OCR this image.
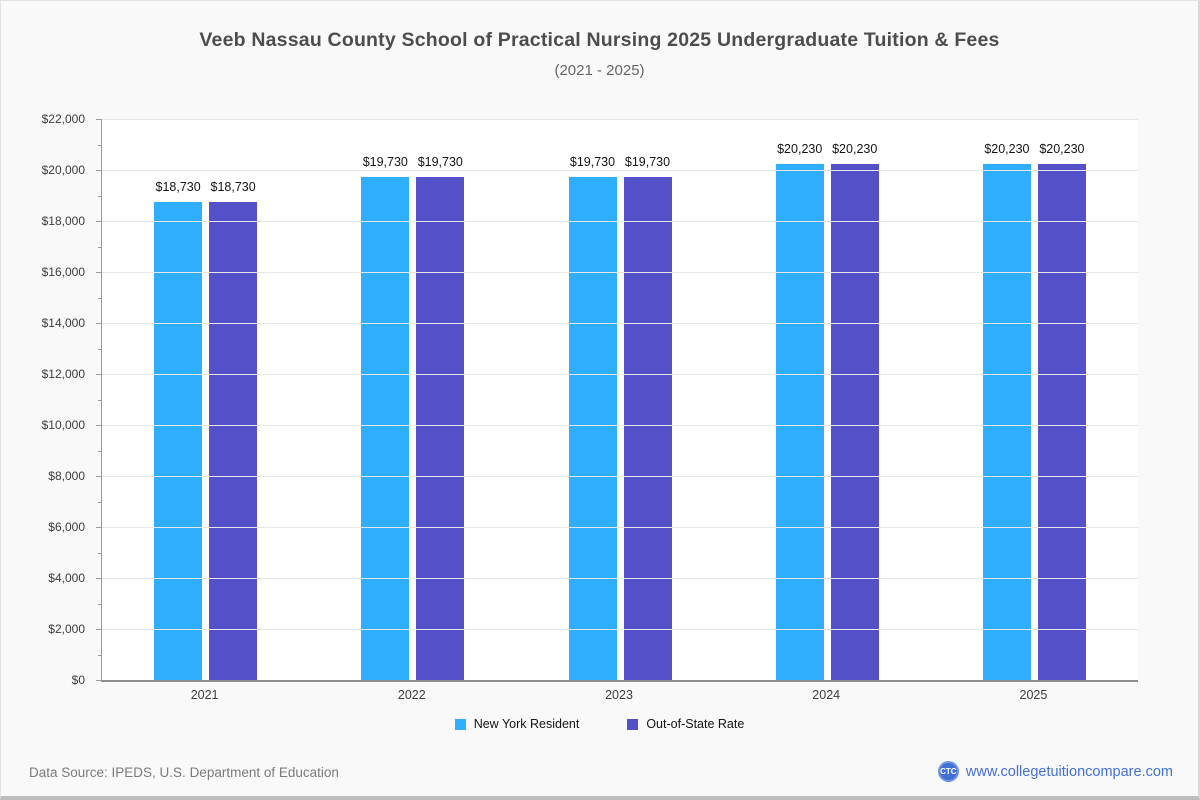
Veeb Nassau County School of Practical Nursing 2025 Undergraduate Tuition & Fees
(2021 - 2025)
$0
$2,000
$4,000
$6,000
$8,000
$10,000
$12,000
$14,000
$16,000
$18,000
$20,000
$22,000
$18,730 $18,730
$19,730 $19,730	$19,730 $19,730
$20,230 $20,230	$20,230 $20,230
2021	2022	2023	2024	2025
New York Resident	Out-of-State Rate
Data Source: IPEDS, U.S. Department of Education	CTC www.collegetuitioncompare.com
